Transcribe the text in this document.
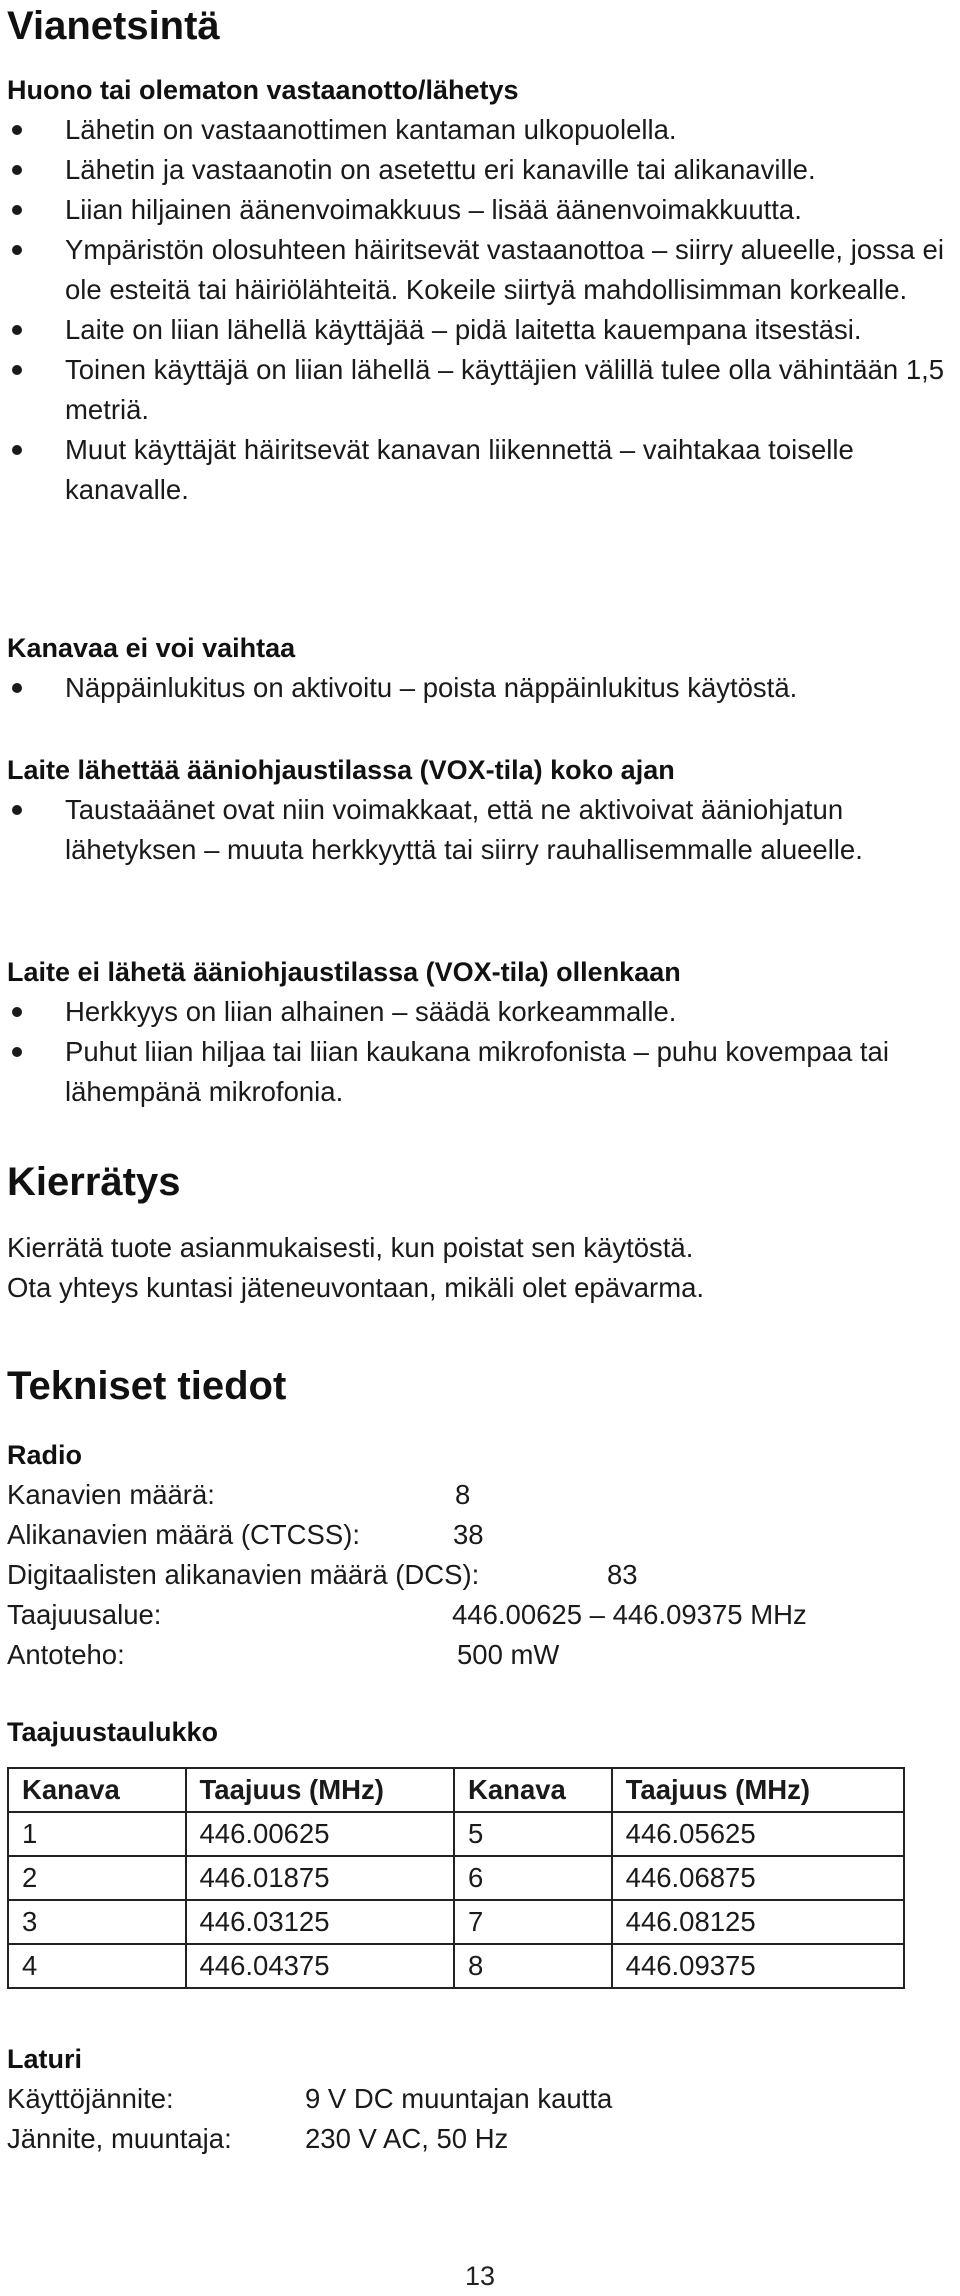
Vianetsintä
Huono tai olematon vastaanotto/lähetys
Lähetin on vastaanottimen kantaman ulkopuolella.
Lähetin ja vastaanotin on asetettu eri kanaville tai alikanaville.
Liian hiljainen äänenvoimakkuus – lisää äänenvoimakkuutta.
Ympäristön olosuhteen häiritsevät vastaanottoa – siirry alueelle, jossa ei ole esteitä tai häiriölähteitä. Kokeile siirtyä mahdollisimman korkealle.
Laite on liian lähellä käyttäjää – pidä laitetta kauempana itsestäsi.
Toinen käyttäjä on liian lähellä – käyttäjien välillä tulee olla vähintään 1,5 metriä.
Muut käyttäjät häiritsevät kanavan liikennettä – vaihtakaa toiselle kanavalle.
Kanavaa ei voi vaihtaa
Näppäinlukitus on aktivoitu – poista näppäinlukitus käytöstä.
Laite lähettää ääniohjaustilassa (VOX-tila) koko ajan
Taustaäänet ovat niin voimakkaat, että ne aktivoivat ääniohjatun lähetyksen – muuta herkkyyttä tai siirry rauhallisemmalle alueelle.
Laite ei lähetä ääniohjaustilassa (VOX-tila) ollenkaan
Herkkyys on liian alhainen – säädä korkeammalle.
Puhut liian hiljaa tai liian kaukana mikrofonista – puhu kovempaa tai lähempänä mikrofonia.
Kierrätys
Kierrätä tuote asianmukaisesti, kun poistat sen käytöstä.
Ota yhteys kuntasi jäteneuvontaan, mikäli olet epävarma.
Tekniset tiedot
Radio
Kanavien määrä:	8
Alikanavien määrä (CTCSS):	38
Digitaalisten alikanavien määrä (DCS):	83
Taajuusalue:	446.00625 – 446.09375 MHz
Antoteho:	500 mW
Taajuustaulukko
Kanava	Taajuus (MHz)	Kanava	Taajuus (MHz)
1	446.00625	5	446.05625
2	446.01875	6	446.06875
3	446.03125	7	446.08125
4	446.04375	8	446.09375
Laturi
Käyttöjännite:	9 V DC muuntajan kautta
Jännite, muuntaja:	230 V AC, 50 Hz
13
